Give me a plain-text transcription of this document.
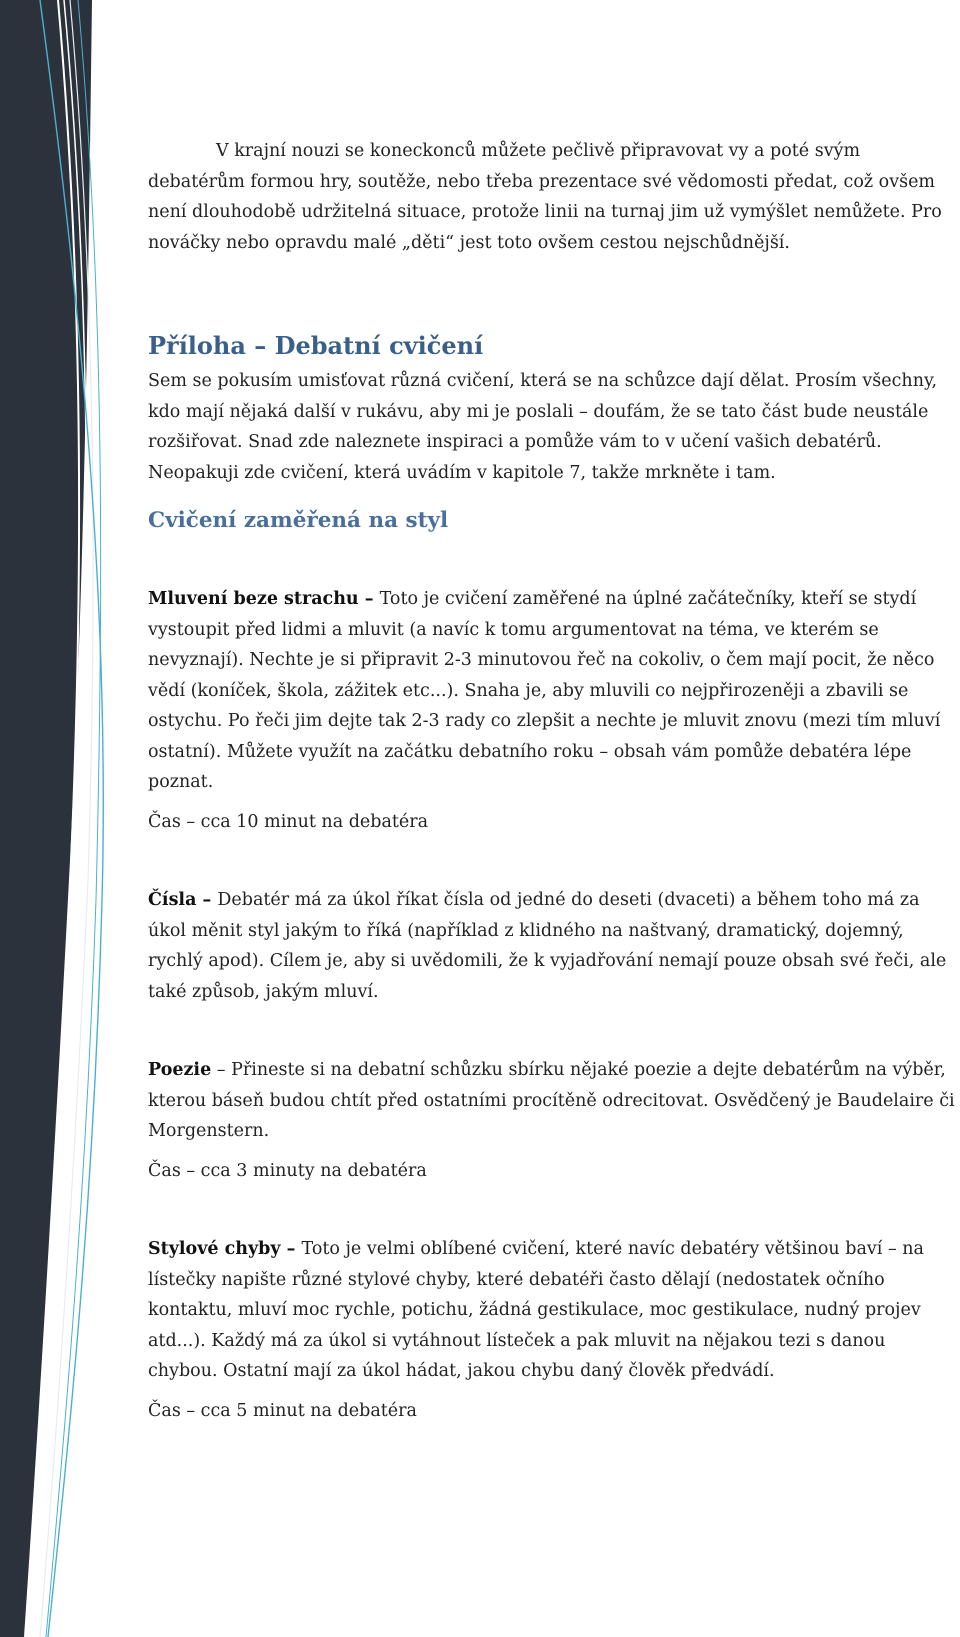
V krajní nouzi se koneckonců můžete pečlivě připravovat vy a poté svým debatérům formou hry, soutěže, nebo třeba prezentace své vědomosti předat, což ovšem není dlouhodobě udržitelná situace, protože linii na turnaj jim už vymýšlet nemůžete. Pro nováčky nebo opravdu malé „děti“ jest toto ovšem cestou nejschůdnější.

Příloha – Debatní cvičení

Sem se pokusím umisťovat různá cvičení, která se na schůzce dají dělat. Prosím všechny, kdo mají nějaká další v rukávu, aby mi je poslali – doufám, že se tato část bude neustále rozšiřovat. Snad zde naleznete inspiraci a pomůže vám to v učení vašich debatérů. Neopakuji zde cvičení, která uvádím v kapitole 7, takže mrkněte i tam.

Cvičení zaměřená na styl

Mluvení beze strachu – Toto je cvičení zaměřené na úplné začátečníky, kteří se stydí vystoupit před lidmi a mluvit (a navíc k tomu argumentovat na téma, ve kterém se nevyznají). Nechte je si připravit 2-3 minutovou řeč na cokoliv, o čem mají pocit, že něco vědí (koníček, škola, zážitek etc...). Snaha je, aby mluvili co nejpřirozeněji a zbavili se ostychu. Po řeči jim dejte tak 2-3 rady co zlepšit a nechte je mluvit znovu (mezi tím mluví ostatní). Můžete využít na začátku debatního roku – obsah vám pomůže debatéra lépe poznat.

Čas – cca 10 minut na debatéra

Čísla – Debatér má za úkol říkat čísla od jedné do deseti (dvaceti) a během toho má za úkol měnit styl jakým to říká (například z klidného na naštvaný, dramatický, dojemný, rychlý apod). Cílem je, aby si uvědomili, že k vyjadřování nemají pouze obsah své řeči, ale také způsob, jakým mluví.

Poezie – Přineste si na debatní schůzku sbírku nějaké poezie a dejte debatérům na výběr, kterou báseň budou chtít před ostatními procítěně odrecitovat. Osvědčený je Baudelaire či Morgenstern.

Čas – cca 3 minuty na debatéra

Stylové chyby – Toto je velmi oblíbené cvičení, které navíc debatéry většinou baví – na lístečky napište různé stylové chyby, které debatéři často dělají (nedostatek očního kontaktu, mluví moc rychle, potichu, žádná gestikulace, moc gestikulace, nudný projev atd...). Každý má za úkol si vytáhnout lísteček a pak mluvit na nějakou tezi s danou chybou. Ostatní mají za úkol hádat, jakou chybu daný člověk předvádí.

Čas – cca 5 minut na debatéra
